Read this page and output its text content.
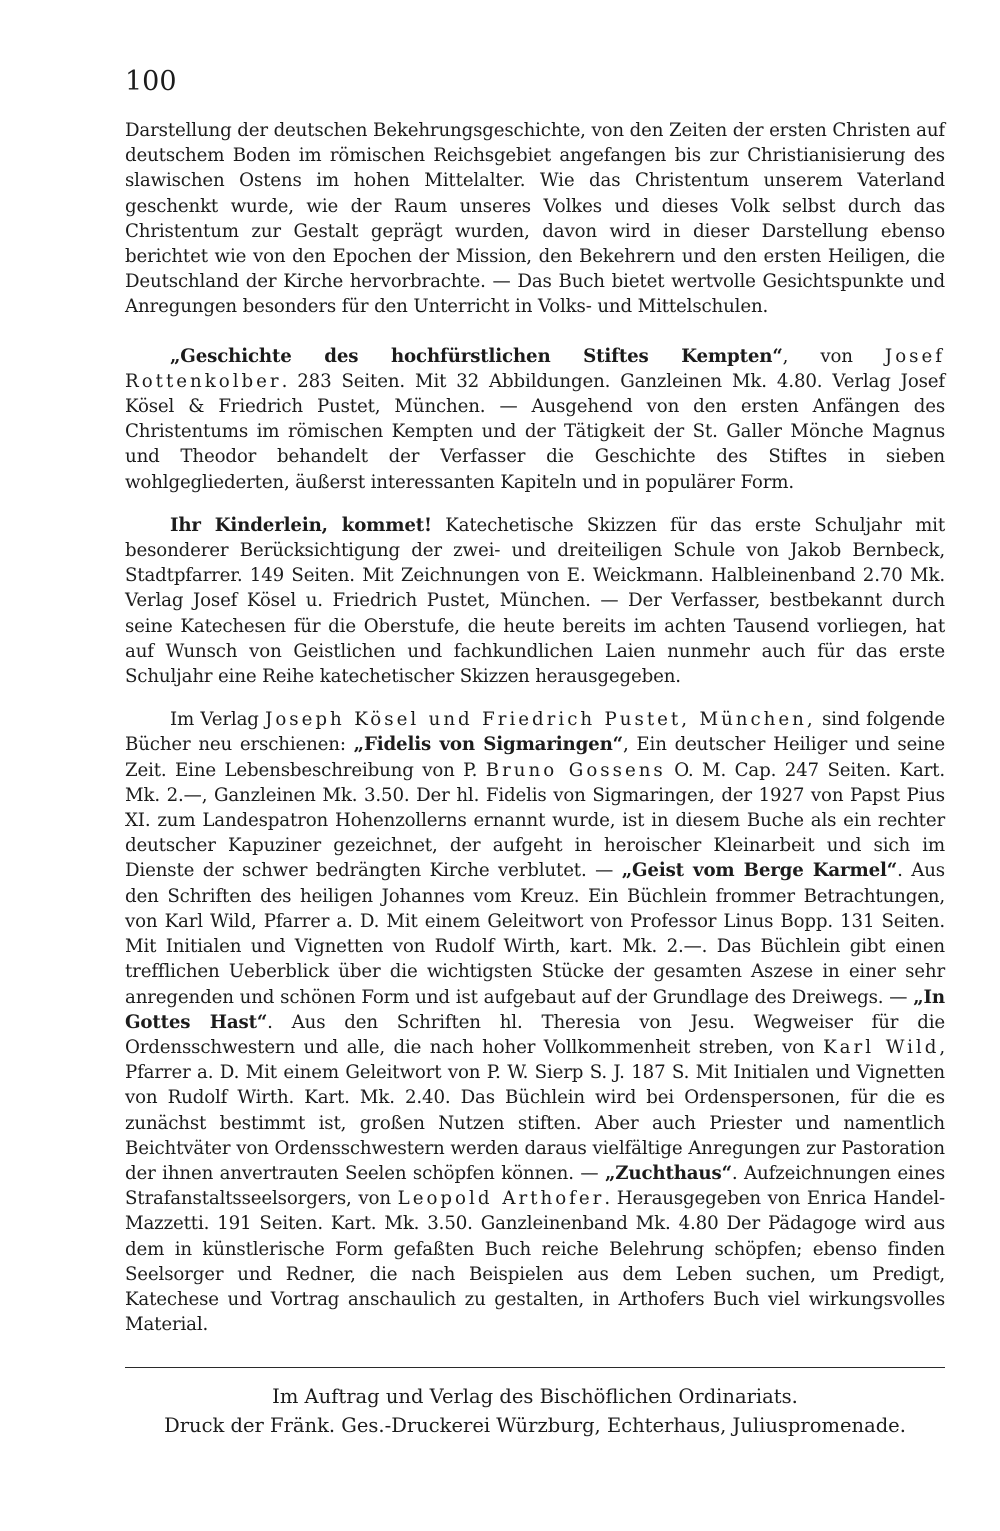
100

Darstellung der deutschen Bekehrungsgeschichte, von den Zeiten der ersten Christen auf deutschem Boden im römischen Reichsgebiet angefangen bis zur Christianisierung des slawischen Ostens im hohen Mittelalter. Wie das Christentum unserem Vaterland geschenkt wurde, wie der Raum unseres Volkes und dieses Volk selbst durch das Christentum zur Gestalt geprägt wurden, davon wird in dieser Darstellung ebenso berichtet wie von den Epochen der Mission, den Bekehrern und den ersten Heiligen, die Deutschland der Kirche hervorbrachte. — Das Buch bietet wertvolle Gesichtspunkte und Anregungen besonders für den Unterricht in Volks- und Mittelschulen.

„Geschichte des hochfürstlichen Stiftes Kempten“, von Josef Rottenkolber. 283 Seiten. Mit 32 Abbildungen. Ganzleinen Mk. 4.80. Verlag Josef Kösel & Friedrich Pustet, München. — Ausgehend von den ersten Anfängen des Christentums im römischen Kempten und der Tätigkeit der St. Galler Mönche Magnus und Theodor behandelt der Verfasser die Geschichte des Stiftes in sieben wohlgegliederten, äußerst interessanten Kapiteln und in populärer Form.

Ihr Kinderlein, kommet! Katechetische Skizzen für das erste Schuljahr mit besonderer Berücksichtigung der zwei- und dreiteiligen Schule von Jakob Bernbeck, Stadtpfarrer. 149 Seiten. Mit Zeichnungen von E. Weickmann. Halbleinenband 2.70 Mk. Verlag Josef Kösel u. Friedrich Pustet, München. — Der Verfasser, bestbekannt durch seine Katechesen für die Oberstufe, die heute bereits im achten Tausend vorliegen, hat auf Wunsch von Geistlichen und fachkundlichen Laien nunmehr auch für das erste Schuljahr eine Reihe katechetischer Skizzen herausgegeben.

Im Verlag Joseph Kösel und Friedrich Pustet, München, sind folgende Bücher neu erschienen: „Fidelis von Sigmaringen“, Ein deutscher Heiliger und seine Zeit. Eine Lebensbeschreibung von P. Bruno Gossens O. M. Cap. 247 Seiten. Kart. Mk. 2.—, Ganzleinen Mk. 3.50. Der hl. Fidelis von Sigmaringen, der 1927 von Papst Pius XI. zum Landespatron Hohenzollerns ernannt wurde, ist in diesem Buche als ein rechter deutscher Kapuziner gezeichnet, der aufgeht in heroischer Kleinarbeit und sich im Dienste der schwer bedrängten Kirche verblutet. — „Geist vom Berge Karmel“. Aus den Schriften des heiligen Johannes vom Kreuz. Ein Büchlein frommer Betrachtungen, von Karl Wild, Pfarrer a. D. Mit einem Geleitwort von Professor Linus Bopp. 131 Seiten. Mit Initialen und Vignetten von Rudolf Wirth, kart. Mk. 2.—. Das Büchlein gibt einen trefflichen Ueberblick über die wichtigsten Stücke der gesamten Aszese in einer sehr anregenden und schönen Form und ist aufgebaut auf der Grundlage des Dreiwegs. — „In Gottes Hast“. Aus den Schriften hl. Theresia von Jesu. Wegweiser für die Ordensschwestern und alle, die nach hoher Vollkommenheit streben, von Karl Wild, Pfarrer a. D. Mit einem Geleitwort von P. W. Sierp S. J. 187 S. Mit Initialen und Vignetten von Rudolf Wirth. Kart. Mk. 2.40. Das Büchlein wird bei Ordenspersonen, für die es zunächst bestimmt ist, großen Nutzen stiften. Aber auch Priester und namentlich Beichtväter von Ordensschwestern werden daraus vielfältige Anregungen zur Pastoration der ihnen anvertrauten Seelen schöpfen können. — „Zuchthaus“. Aufzeichnungen eines Strafanstaltsseelsorgers, von Leopold Arthofer. Herausgegeben von Enrica Handel-Mazzetti. 191 Seiten. Kart. Mk. 3.50. Ganzleinenband Mk. 4.80 Der Pädagoge wird aus dem in künstlerische Form gefaßten Buch reiche Belehrung schöpfen; ebenso finden Seelsorger und Redner, die nach Beispielen aus dem Leben suchen, um Predigt, Katechese und Vortrag anschaulich zu gestalten, in Arthofers Buch viel wirkungsvolles Material.

Im Auftrag und Verlag des Bischöflichen Ordinariats.

Druck der Fränk. Ges.-Druckerei Würzburg, Echterhaus, Juliuspromenade.
